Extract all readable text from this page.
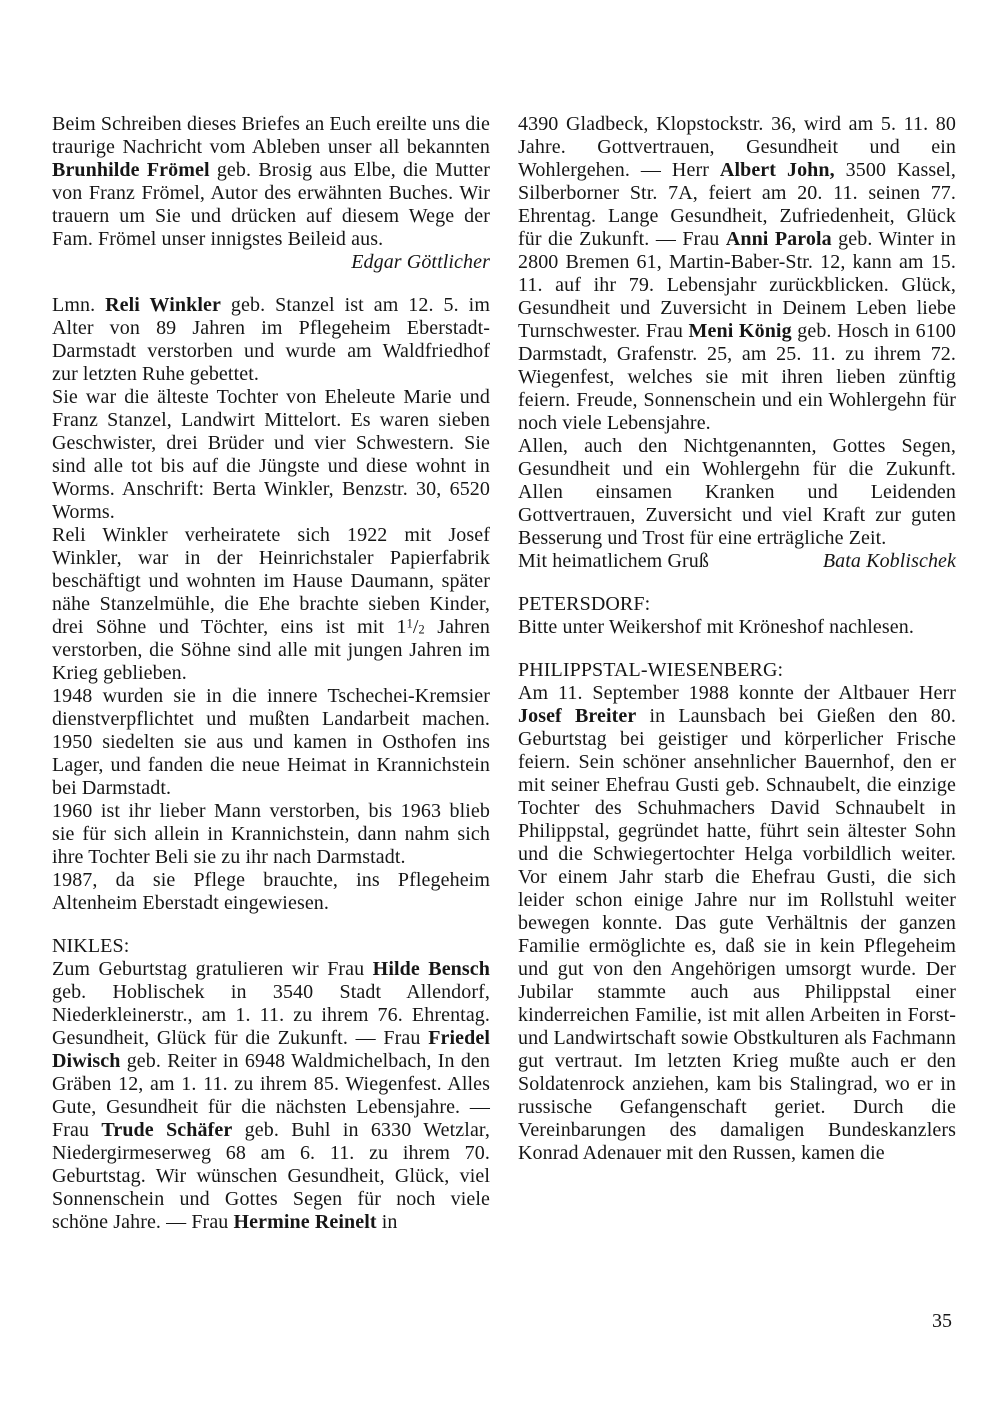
Beim Schreiben dieses Briefes an Euch ereilte uns die traurige Nachricht vom Ableben unser all bekannten Brunhilde Frömel geb. Brosig aus Elbe, die Mutter von Franz Frömel, Autor des erwähnten Buches. Wir trauern um Sie und drücken auf diesem Wege der Fam. Frömel unser innigstes Beileid aus.
Edgar Göttlicher
Lmn. Reli Winkler geb. Stanzel ist am 12. 5. im Alter von 89 Jahren im Pflegeheim Eberstadt-Darmstadt verstorben und wurde am Waldfriedhof zur letzten Ruhe gebettet.
Sie war die älteste Tochter von Eheleute Marie und Franz Stanzel, Landwirt Mittelort. Es waren sieben Geschwister, drei Brüder und vier Schwestern. Sie sind alle tot bis auf die Jüngste und diese wohnt in Worms. Anschrift: Berta Winkler, Benzstr. 30, 6520 Worms.
Reli Winkler verheiratete sich 1922 mit Josef Winkler, war in der Heinrichstaler Papierfabrik beschäftigt und wohnten im Hause Daumann, später nähe Stanzelmühle, die Ehe brachte sieben Kinder, drei Söhne und Töchter, eins ist mit $1^1/2$ Jahren verstorben, die Söhne sind alle mit jungen Jahren im Krieg geblieben.
1948 wurden sie in die innere Tschechei-Kremsier dienstverpflichtet und mußten Landarbeit machen. 1950 siedelten sie aus und kamen in Osthofen ins Lager, und fanden die neue Heimat in Krannichstein bei Darmstadt.
1960 ist ihr lieber Mann verstorben, bis 1963 blieb sie für sich allein in Krannichstein, dann nahm sich ihre Tochter Beli sie zu ihr nach Darmstadt.
1987, da sie Pflege brauchte, ins Pflegeheim Altenheim Eberstadt eingewiesen.
NIKLES:
Zum Geburtstag gratulieren wir Frau Hilde Bensch geb. Hoblischek in 3540 Stadt Allendorf, Niederkleinerstr., am 1. 11. zu ihrem 76. Ehrentag. Gesundheit, Glück für die Zukunft. — Frau Friedel Diwisch geb. Reiter in 6948 Waldmichelbach, In den Gräben 12, am 1. 11. zu ihrem 85. Wiegenfest. Alles Gute, Gesundheit für die nächsten Lebensjahre. — Frau Trude Schäfer geb. Buhl in 6330 Wetzlar, Niedergirmeserweg 68 am 6. 11. zu ihrem 70. Geburtstag. Wir wünschen Gesundheit, Glück, viel Sonnenschein und Gottes Segen für noch viele schöne Jahre. — Frau Hermine Reinelt in
4390 Gladbeck, Klopstockstr. 36, wird am 5. 11. 80 Jahre. Gottvertrauen, Gesundheit und ein Wohlergehen. — Herr Albert John, 3500 Kassel, Silberborner Str. 7A, feiert am 20. 11. seinen 77. Ehrentag. Lange Gesundheit, Zufriedenheit, Glück für die Zukunft. — Frau Anni Parola geb. Winter in 2800 Bremen 61, Martin-Baber-Str. 12, kann am 15. 11. auf ihr 79. Lebensjahr zurückblicken. Glück, Gesundheit und Zuversicht in Deinem Leben liebe Turnschwester. Frau Meni König geb. Hosch in 6100 Darmstadt, Grafenstr. 25, am 25. 11. zu ihrem 72. Wiegenfest, welches sie mit ihren lieben zünftig feiern. Freude, Sonnenschein und ein Wohlergehn für noch viele Lebensjahre.
Allen, auch den Nichtgenannten, Gottes Segen, Gesundheit und ein Wohlergehn für die Zukunft. Allen einsamen Kranken und Leidenden Gottvertrauen, Zuversicht und viel Kraft zur guten Besserung und Trost für eine erträgliche Zeit.
Mit heimatlichem Gruß	Bata Koblischek
PETERSDORF:
Bitte unter Weikershof mit Kröneshof nachlesen.
PHILIPPSTAL-WIESENBERG:
Am 11. September 1988 konnte der Altbauer Herr Josef Breiter in Launsbach bei Gießen den 80. Geburtstag bei geistiger und körperlicher Frische feiern. Sein schöner ansehnlicher Bauernhof, den er mit seiner Ehefrau Gusti geb. Schnaubelt, die einzige Tochter des Schuhmachers David Schnaubelt in Philippstal, gegründet hatte, führt sein ältester Sohn und die Schwiegertochter Helga vorbildlich weiter. Vor einem Jahr starb die Ehefrau Gusti, die sich leider schon einige Jahre nur im Rollstuhl weiter bewegen konnte. Das gute Verhältnis der ganzen Familie ermöglichte es, daß sie in kein Pflegeheim und gut von den Angehörigen umsorgt wurde. Der Jubilar stammte auch aus Philippstal einer kinderreichen Familie, ist mit allen Arbeiten in Forst- und Landwirtschaft sowie Obstkulturen als Fachmann gut vertraut. Im letzten Krieg mußte auch er den Soldatenrock anziehen, kam bis Stalingrad, wo er in russische Gefangenschaft geriet. Durch die Vereinbarungen des damaligen Bundeskanzlers Konrad Adenauer mit den Russen, kamen die
35
